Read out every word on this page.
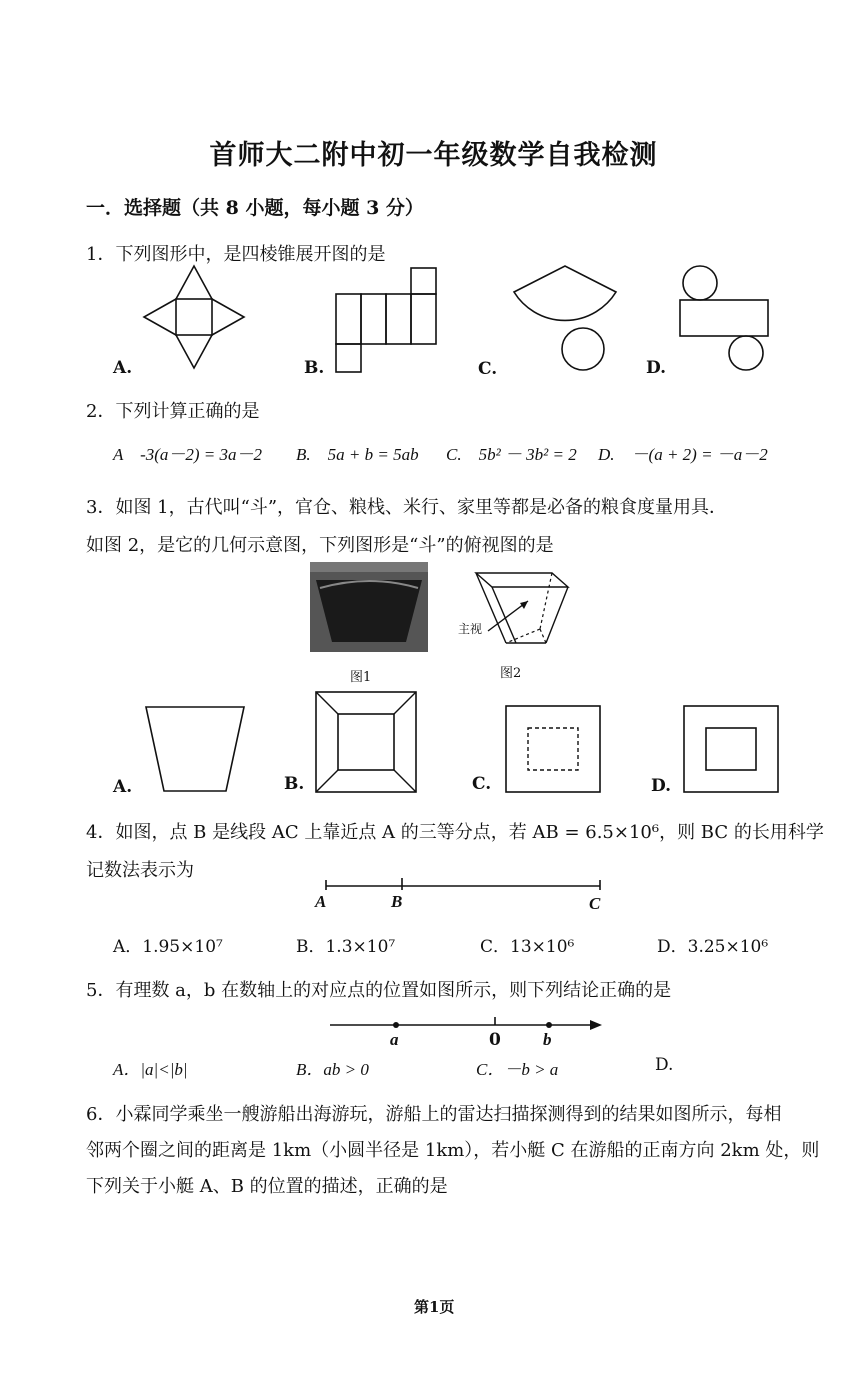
首师大二附中初一年级数学自我检测
一．选择题（共 8 小题，每小题 3 分）
1．下列图形中，是四棱锥展开图的是
A.	B.	C.	D.
2．下列计算正确的是
A　-3(a－2) = 3a－2 B.　5a + b = 5ab C.　5b² － 3b² = 2 D.　－(a + 2) = －a－2
3．如图 1，古代叫“斗”，官仓、粮栈、米行、家里等都是必备的粮食度量用具．
如图 2，是它的几何示意图，下列图形是“斗”的俯视图的是
图1
主视
图2
A.	B.	C.	D.
4．如图，点 B 是线段 AC 上靠近点 A 的三等分点，若 AB = 6.5×10⁶，则 BC 的长用科学
记数法表示为
A	B	C
A．1.95×10⁷	B．1.3×10⁷	C．13×10⁶	D．3.25×10⁶
5．有理数 a，b 在数轴上的对应点的位置如图所示，则下列结论正确的是
a	0 b
A．|a|<|b|	B．ab > 0	C．－b > a	D.
6．小霖同学乘坐一艘游船出海游玩，游船上的雷达扫描探测得到的结果如图所示，每相
邻两个圈之间的距离是 1km（小圆半径是 1km），若小艇 C 在游船的正南方向 2km 处，则
下列关于小艇 A、B 的位置的描述，正确的是
第1页
